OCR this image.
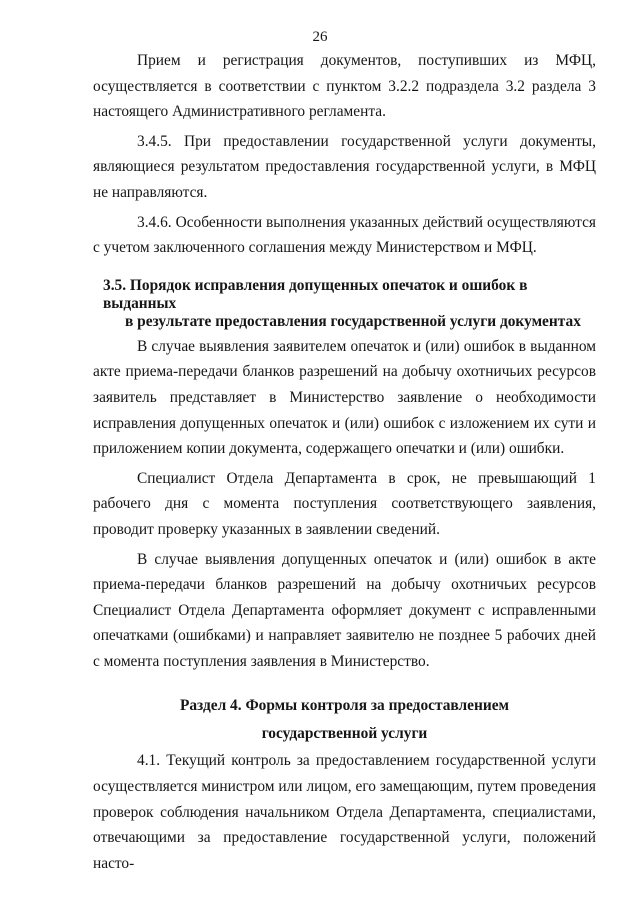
26

Прием и регистрация документов, поступивших из МФЦ, осуществляется в соответствии с пунктом 3.2.2 подраздела 3.2 раздела 3 настоящего Административного регламента.

3.4.5. При предоставлении государственной услуги документы, являющиеся результатом предоставления государственной услуги, в МФЦ не направляются.

3.4.6. Особенности выполнения указанных действий осуществляются с учетом заключенного соглашения между Министерством и МФЦ.

3.5. Порядок исправления допущенных опечаток и ошибок в выданных
в результате предоставления государственной услуги документах

В случае выявления заявителем опечаток и (или) ошибок в выданном акте приема-передачи бланков разрешений на добычу охотничьих ресурсов заявитель представляет в Министерство заявление о необходимости исправления допущенных опечаток и (или) ошибок с изложением их сути и приложением копии документа, содержащего опечатки и (или) ошибки.

Специалист Отдела Департамента в срок, не превышающий 1 рабочего дня с момента поступления соответствующего заявления, проводит проверку указанных в заявлении сведений.

В случае выявления допущенных опечаток и (или) ошибок в акте приема-передачи бланков разрешений на добычу охотничьих ресурсов Специалист Отдела Департамента оформляет документ с исправленными опечатками (ошибками) и направляет заявителю не позднее 5 рабочих дней с момента поступления заявления в Министерство.

Раздел 4. Формы контроля за предоставлением
государственной услуги

4.1. Текущий контроль за предоставлением государственной услуги осуществляется министром или лицом, его замещающим, путем проведения проверок соблюдения начальником Отдела Департамента, специалистами, отвечающими за предоставление государственной услуги, положений насто-
